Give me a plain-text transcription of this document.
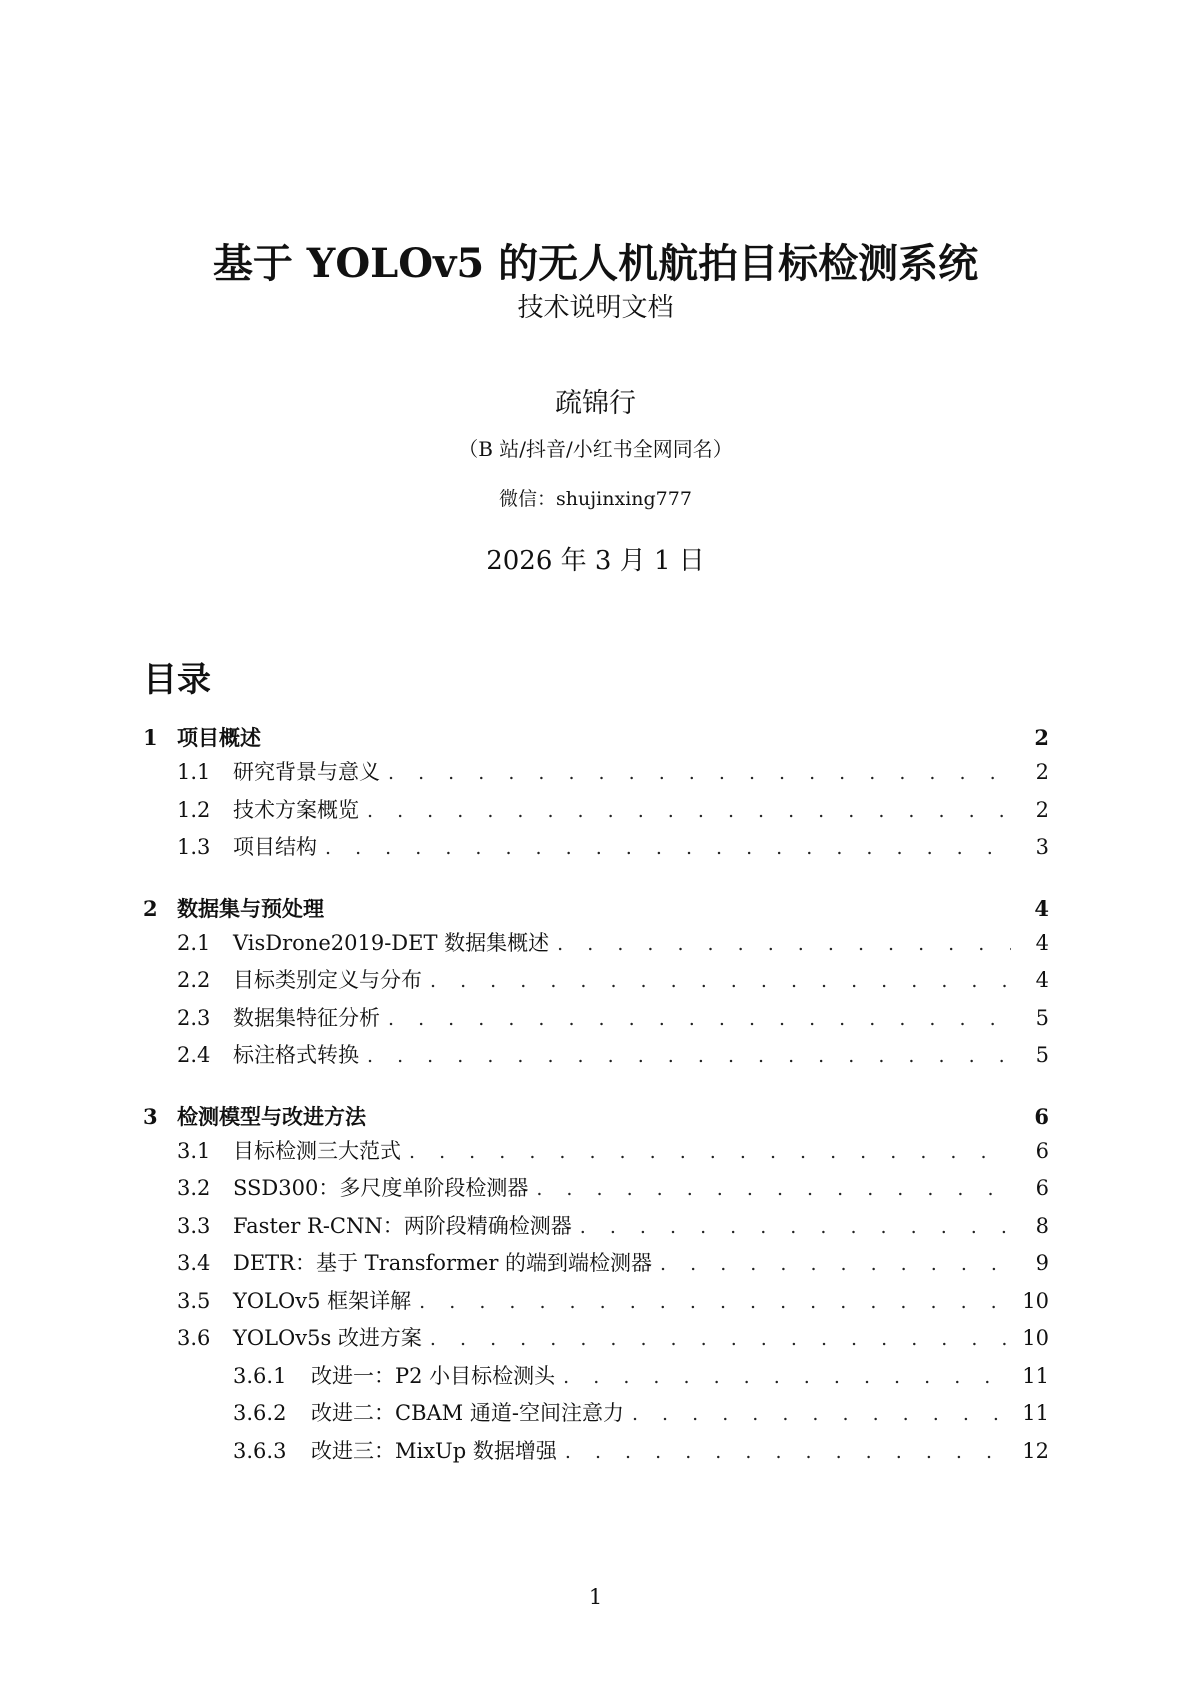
基于 YOLOv5 的无人机航拍目标检测系统

技术说明文档

疏锦行
（B 站/抖音/小红书全网同名）
微信：shujinxing777
2026 年 3 月 1 日
目录
1 项目概述	2
1.1	研究背景与意义 . . .	2
1.2	技术方案概览 . . .	2
1.3	项目结构 . . .	3
2 数据集与预处理	4
2.1	VisDrone2019-DET 数据集概述 . . .	4
2.2	目标类别定义与分布 . . .	4
2.3	数据集特征分析 . . .	5
2.4	标注格式转换 . . .	5
3 检测模型与改进方法	6
3.1	目标检测三大范式 . . .	6
3.2	SSD300：多尺度单阶段检测器 . . .	6
3.3	Faster R-CNN：两阶段精确检测器 . . .	8
3.4	DETR：基于 Transformer 的端到端检测器 . . .	9
3.5	YOLOv5 框架详解 . . .	10
3.6	YOLOv5s 改进方案 . . .	10
3.6.1	改进一：P2 小目标检测头 . . .	11
3.6.2	改进二：CBAM 通道-空间注意力 . . .	11
3.6.3	改进三：MixUp 数据增强 . . .	12
1
